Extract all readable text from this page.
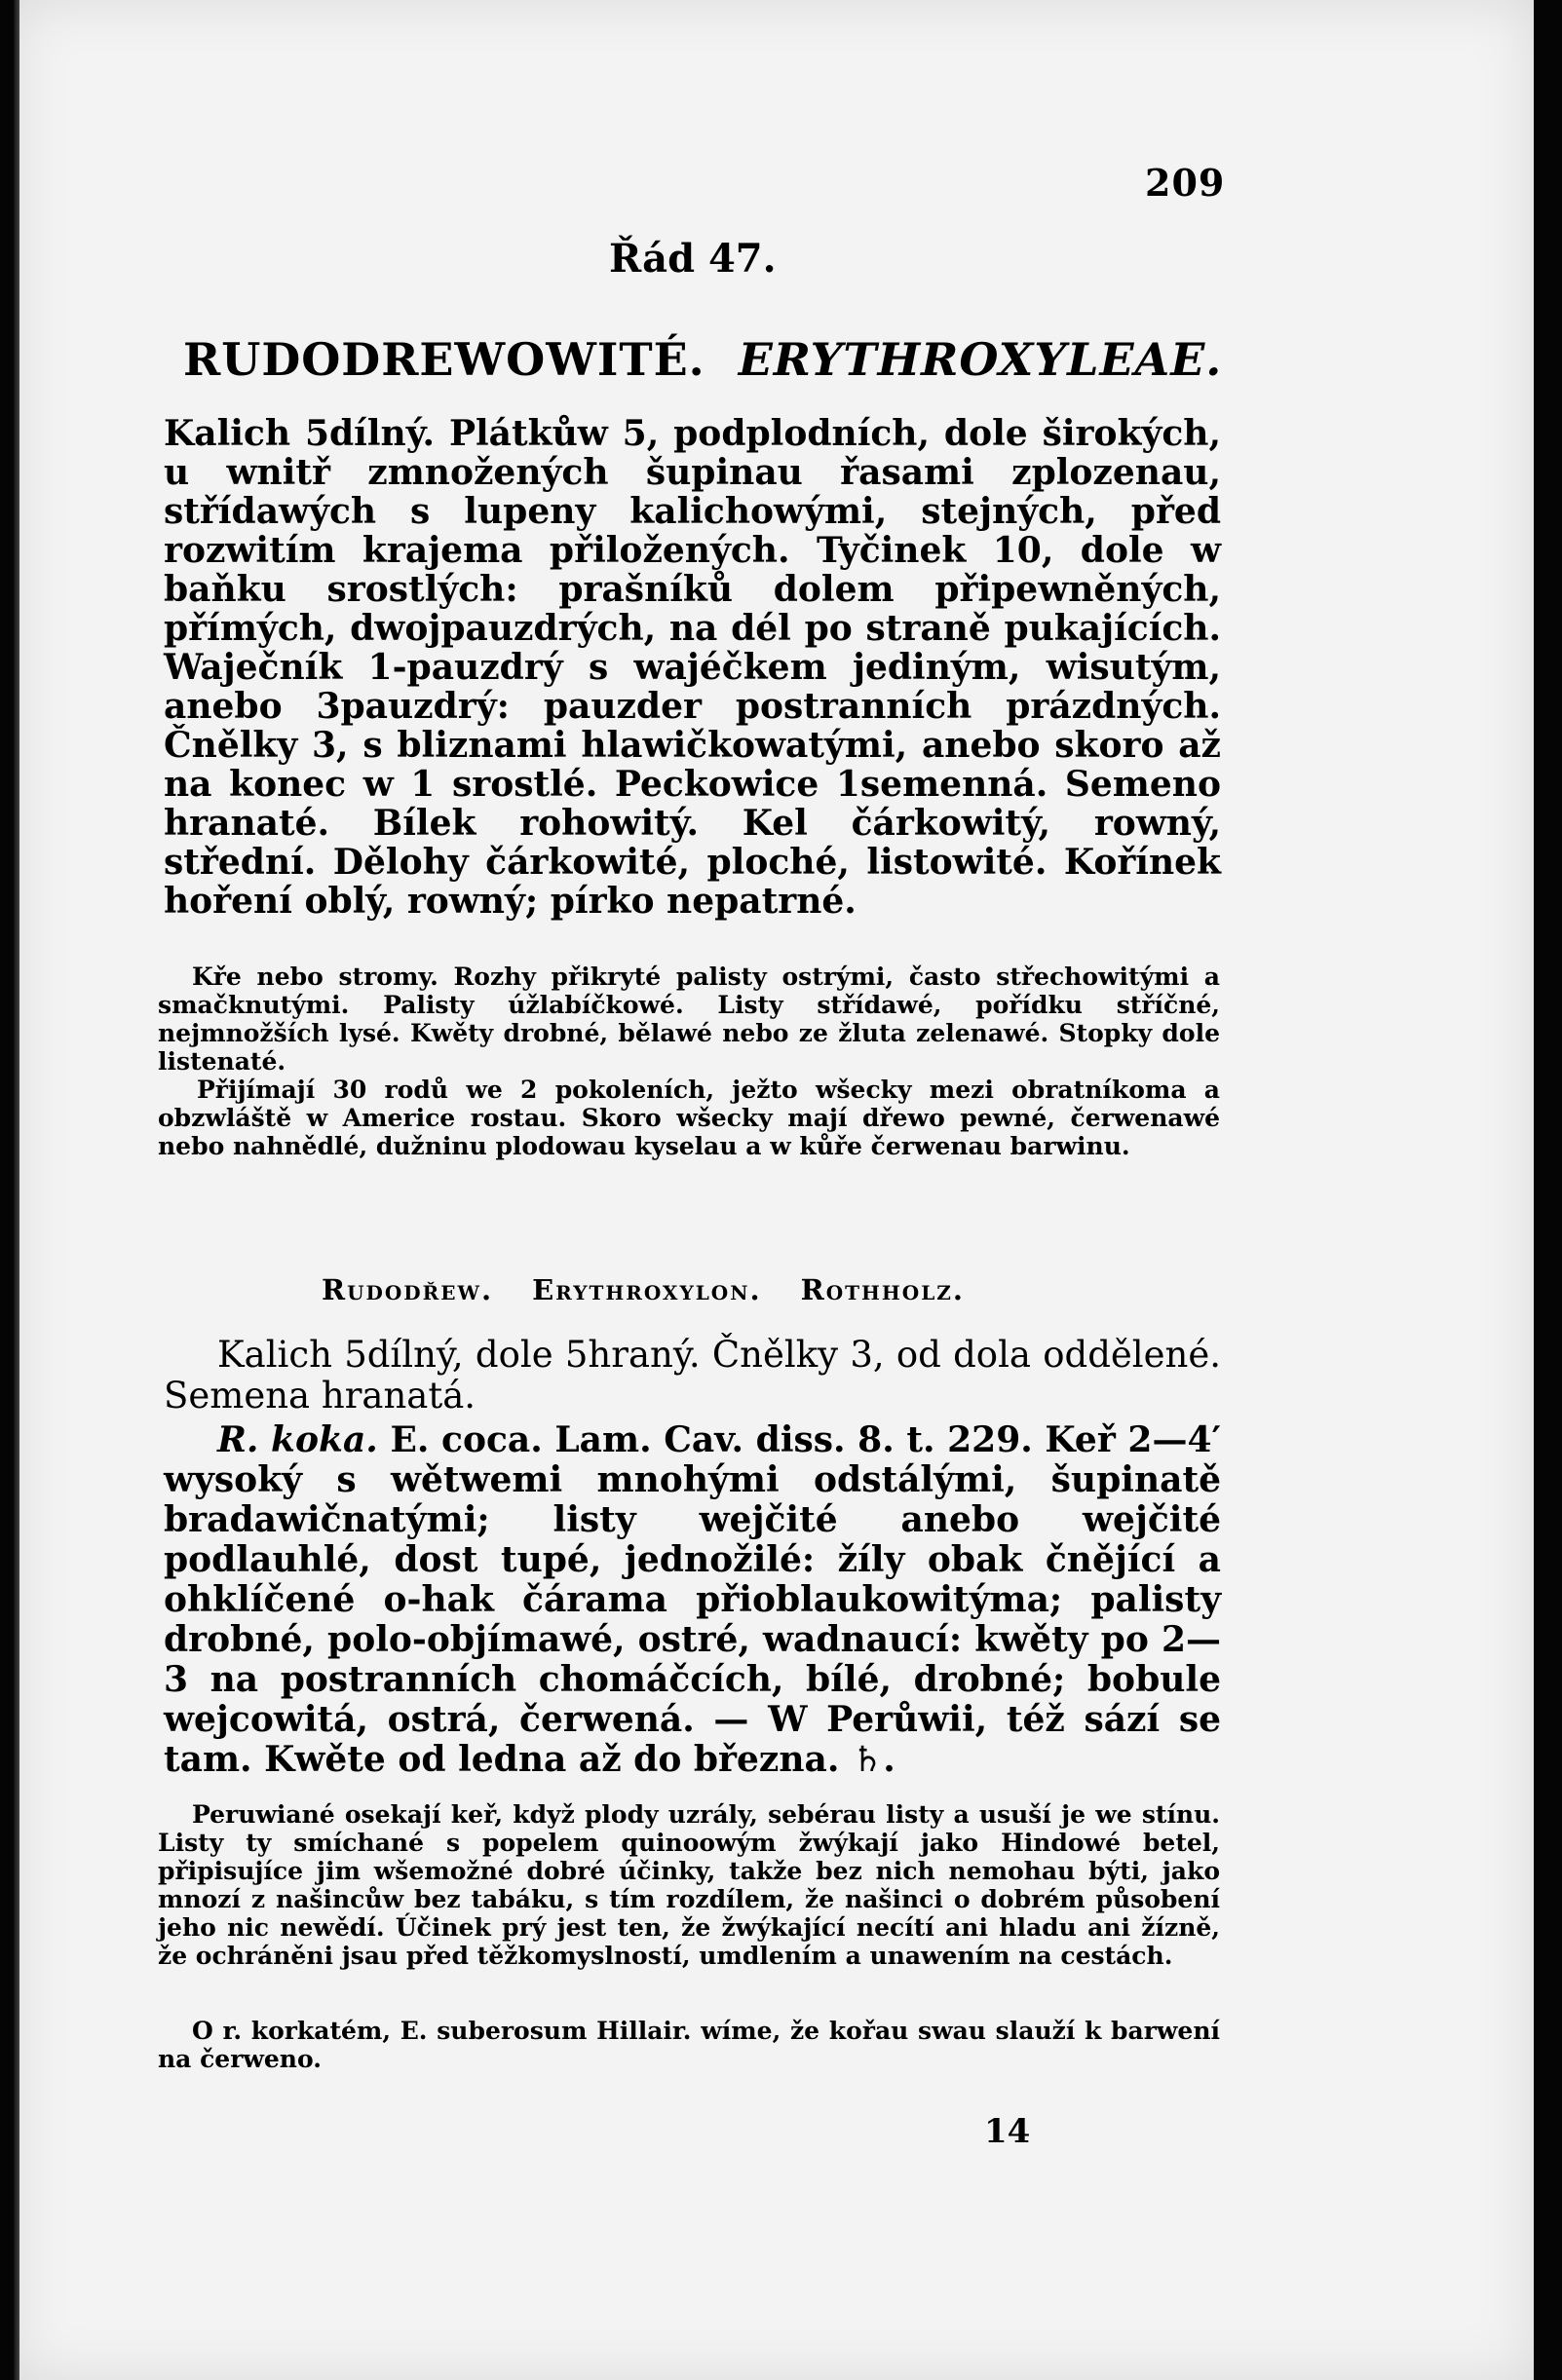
209
Řád 47.
RUDODREWOWITÉ. ERYTHROXYLEAE.
Kalich 5dílný. Plátkůw 5, podplodních, dole širokých, u wnitř zmnožených šupinau řasami zplozenau, střídawých s lupeny kalichowými, stejných, před rozwitím krajema přiložených. Tyčinek 10, dole w baňku srostlých: prašníků dolem připewněných, přímých, dwojpauzdrých, na dél po straně pukajících. Waječník 1-pauzdrý s wajéčkem jediným, wisutým, anebo 3pauzdrý: pauzder postranních prázdných. Čnělky 3, s bliznami hlawičkowatými, anebo skoro až na konec w 1 srostlé. Peckowice 1semenná. Semeno hranaté. Bílek rohowitý. Kel čárkowitý, rowný, střední. Dělohy čárkowité, ploché, listowité. Kořínek hoření oblý, rowný; pírko nepatrné.

Kře nebo stromy. Rozhy přikryté palisty ostrými, často střechowitými a smačknutými. Palisty úžlabíčkowé. Listy střídawé, pořídku stříčné, nejmnožších lysé. Kwěty drobné, bělawé nebo ze žluta zelenawé. Stopky dole listenaté.

Přijímají 30 rodů we 2 pokoleních, ježto wšecky mezi obratníkoma a obzwláště w Americe rostau. Skoro wšecky mají dřewo pewné, čerwenawé nebo nahnědlé, dužninu plodowau kyselau a w kůře čerwenau barwinu.

Rudodřew. Erythroxylon. Rothholz.

Kalich 5dílný, dole 5hraný. Čnělky 3, od dola oddělené. Semena hranatá.

R. koka. E. coca. Lam. Cav. diss. 8. t. 229. Keř 2—4′ wysoký s wětwemi mnohými odstálými, šupinatě bradawičnatými; listy wejčité anebo wejčité podlauhlé, dost tupé, jednožilé: žíly obak čnějící a ohklíčené o-hak čárama přioblaukowitýma; palisty drobné, polo-objímawé, ostré, wadnaucí: kwěty po 2—3 na postranních chomáčcích, bílé, drobné; bobule wejcowitá, ostrá, čerwená. — W Perůwii, též sází se tam. Kwěte od ledna až do března. ♄.

Peruwiané osekají keř, když plody uzrály, sebérau listy a usuší je we stínu. Listy ty smíchané s popelem quinoowým žwýkají jako Hindowé betel, připisujíce jim wšemožné dobré účinky, takže bez nich nemohau býti, jako mnozí z našincůw bez tabáku, s tím rozdílem, že našinci o dobrém působení jeho nic newědí. Účinek prý jest ten, že žwýkající necítí ani hladu ani žízně, že ochráněni jsau před těžkomyslností, umdlením a unawením na cestách.

O r. korkatém, E. suberosum Hillair. wíme, že kořau swau slauží k barwení na čerweno.

14
